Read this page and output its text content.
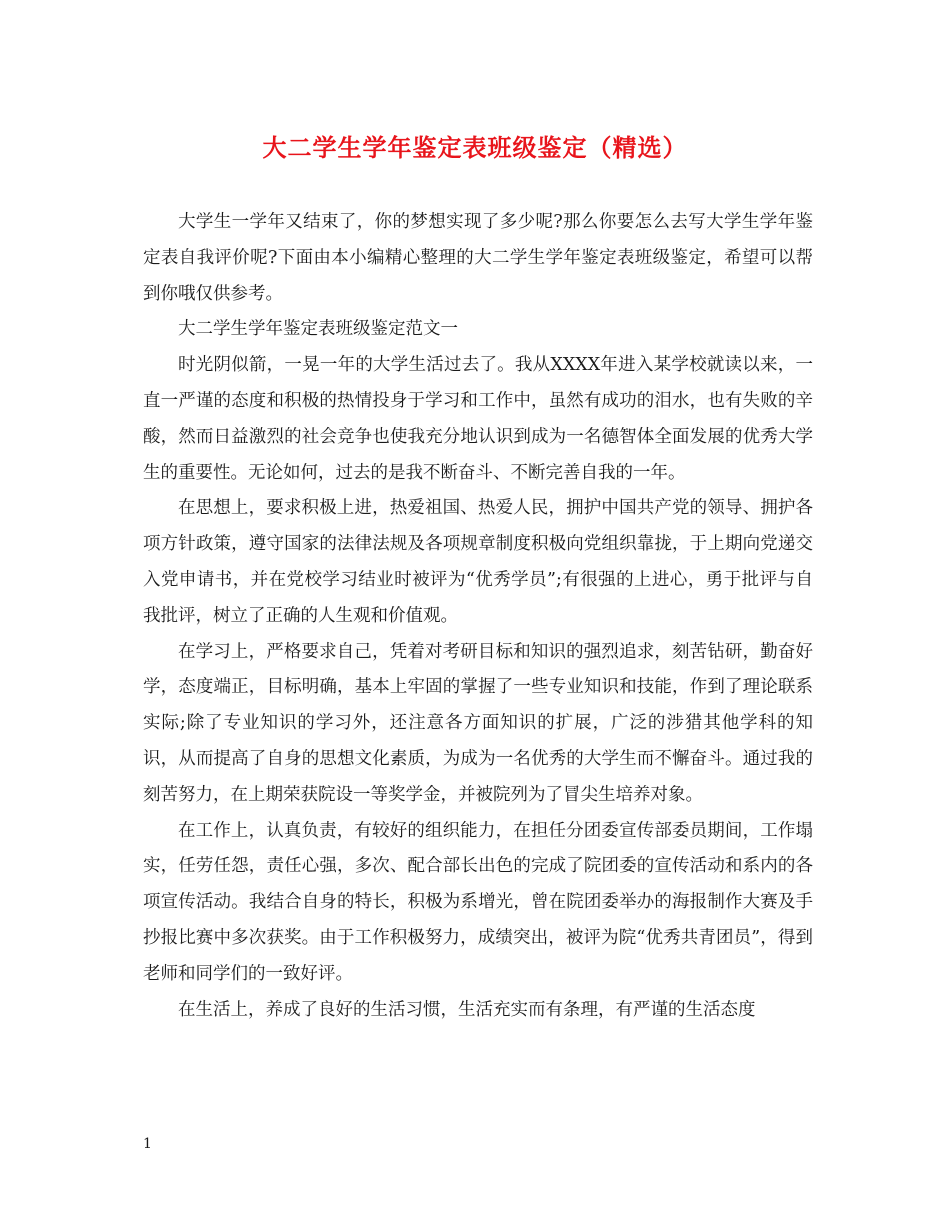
大二学生学年鉴定表班级鉴定（精选）

大学生一学年又结束了，你的梦想实现了多少呢?那么你要怎么去写大学生学年鉴定表自我评价呢?下面由本小编精心整理的大二学生学年鉴定表班级鉴定，希望可以帮到你哦仅供参考。

大二学生学年鉴定表班级鉴定范文一

时光阴似箭，一晃一年的大学生活过去了。我从XXXX年进入某学校就读以来，一直一严谨的态度和积极的热情投身于学习和工作中，虽然有成功的泪水，也有失败的辛酸，然而日益激烈的社会竞争也使我充分地认识到成为一名德智体全面发展的优秀大学生的重要性。无论如何，过去的是我不断奋斗、不断完善自我的一年。

在思想上，要求积极上进，热爱祖国、热爱人民，拥护中国共产党的领导、拥护各项方针政策，遵守国家的法律法规及各项规章制度积极向党组织靠拢，于上期向党递交入党申请书，并在党校学习结业时被评为“优秀学员”;有很强的上进心，勇于批评与自我批评，树立了正确的人生观和价值观。

在学习上，严格要求自己，凭着对考研目标和知识的强烈追求，刻苦钻研，勤奋好学，态度端正，目标明确，基本上牢固的掌握了一些专业知识和技能，作到了理论联系实际;除了专业知识的学习外，还注意各方面知识的扩展，广泛的涉猎其他学科的知识，从而提高了自身的思想文化素质，为成为一名优秀的大学生而不懈奋斗。通过我的刻苦努力，在上期荣获院设一等奖学金，并被院列为了冒尖生培养对象。

在工作上，认真负责，有较好的组织能力，在担任分团委宣传部委员期间，工作塌实，任劳任怨，责任心强，多次、配合部长出色的完成了院团委的宣传活动和系内的各项宣传活动。我结合自身的特长，积极为系增光，曾在院团委举办的海报制作大赛及手抄报比赛中多次获奖。由于工作积极努力，成绩突出，被评为院“优秀共青团员”，得到老师和同学们的一致好评。

在生活上，养成了良好的生活习惯，生活充实而有条理，有严谨的生活态度

1
